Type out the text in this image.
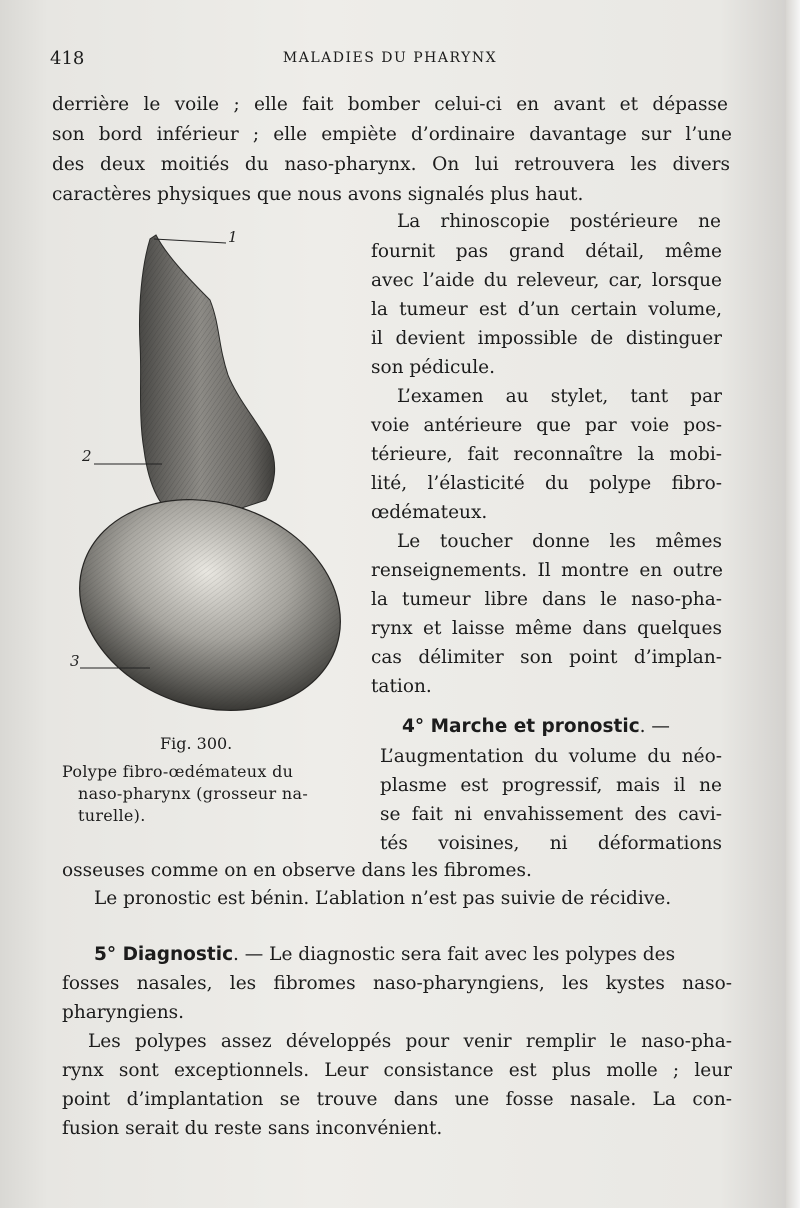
418	MALADIES DU PHARYNX
derrière le voile ; elle fait bomber celui-ci en avant et dépasse
son bord inférieur ; elle empiète d’ordinaire davantage sur l’une
des deux moitiés du naso-pharynx. On lui retrouvera les divers
caractères physiques que nous avons signalés plus haut.
La rhinoscopie postérieure ne
fournit pas grand détail, même
avec l’aide du releveur, car, lorsque
la tumeur est d’un certain volume,
il devient impossible de distinguer
son pédicule.
L’examen au stylet, tant par
voie antérieure que par voie pos-
térieure, fait reconnaître la mobi-
lité, l’élasticité du polype fibro-
œdémateux.
Le toucher donne les mêmes
renseignements. Il montre en outre
la tumeur libre dans le naso-pha-
rynx et laisse même dans quelques
cas délimiter son point d’implan-
tation.
1
2
3
Fig. 300.
Polype fibro-œdémateux du
naso-pharynx (grosseur na-
turelle).
4° Marche et pronostic. —
L’augmentation du volume du néo-
plasme est progressif, mais il ne
se fait ni envahissement des cavi-
tés voisines, ni déformations
osseuses comme on en observe dans les fibromes.
Le pronostic est bénin. L’ablation n’est pas suivie de récidive.
5° Diagnostic. — Le diagnostic sera fait avec les polypes des
fosses nasales, les fibromes naso-pharyngiens, les kystes naso-
pharyngiens.
Les polypes assez développés pour venir remplir le naso-pha-
rynx sont exceptionnels. Leur consistance est plus molle ; leur
point d’implantation se trouve dans une fosse nasale. La con-
fusion serait du reste sans inconvénient.
